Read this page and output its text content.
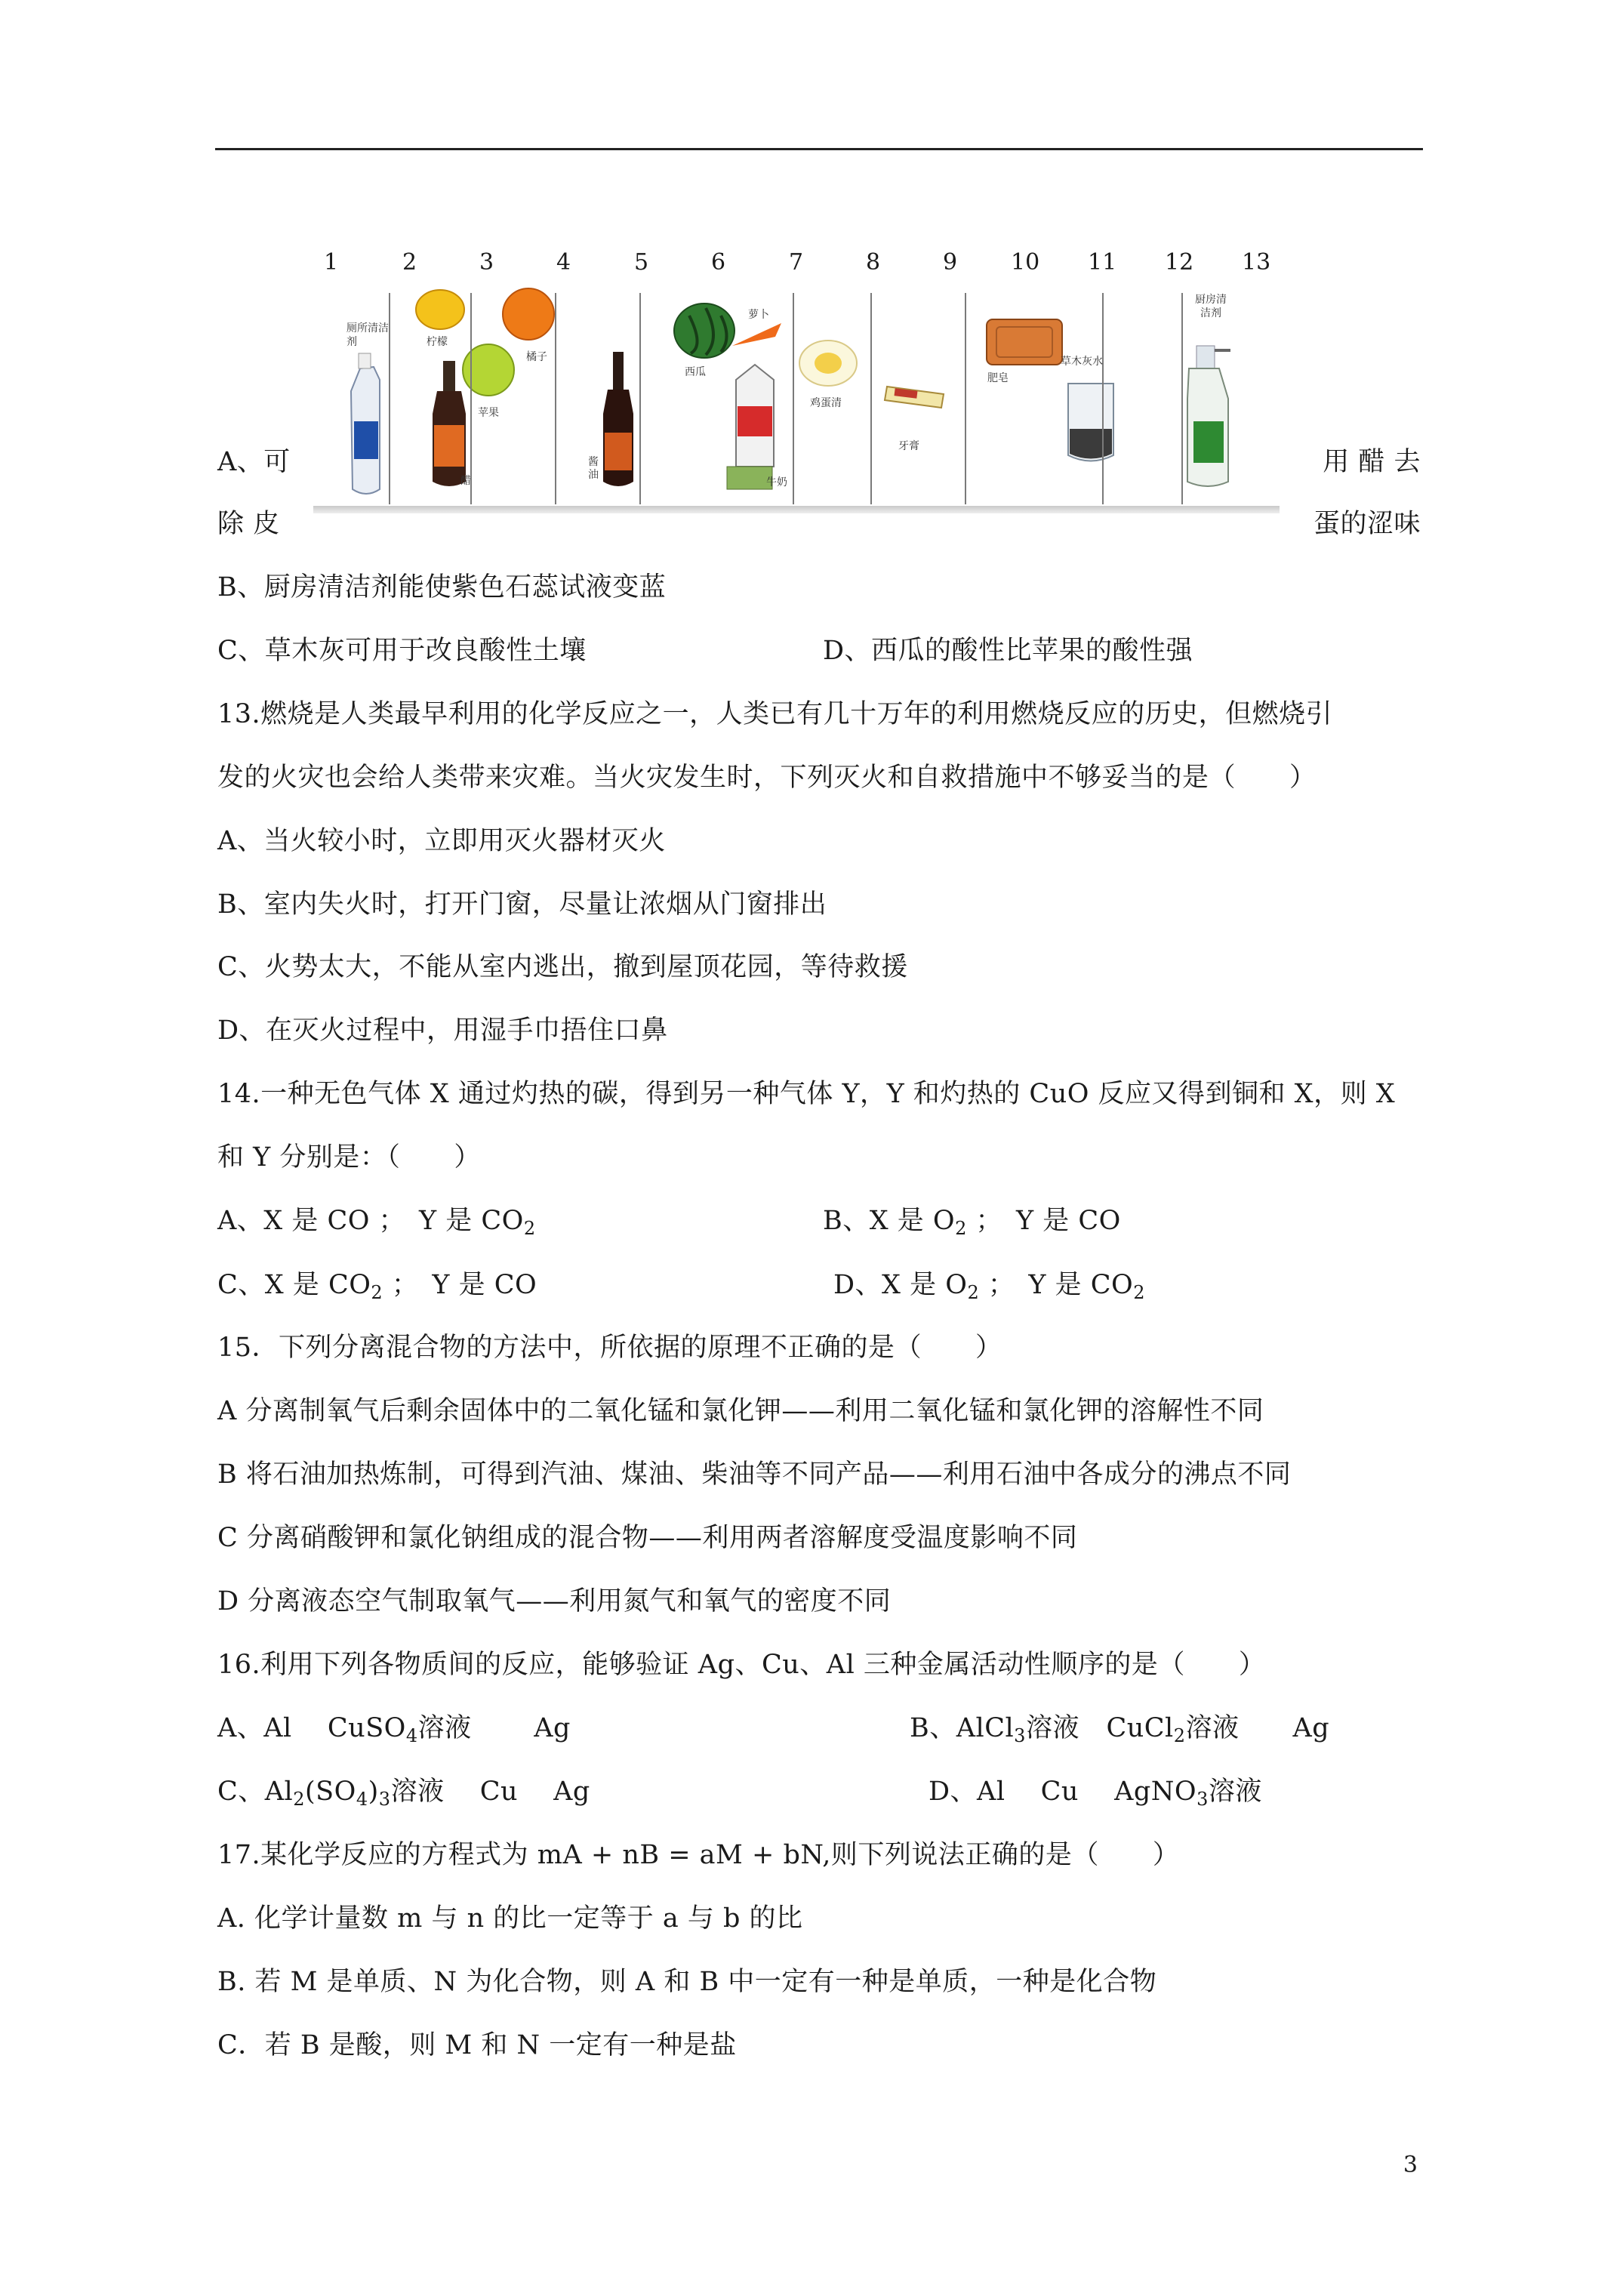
1	2	3	4	5	6	7	8	9 10 11 12 13
厕所清洁剂	柠檬
橘子
苹果
醋
酱油
西瓜
萝卜
牛奶
鸡蛋清
牙膏
肥皂
草木灰水
厨房清洁剂
A、可	用 醋 去
除 皮	蛋的涩味
B、厨房清洁剂能使紫色石蕊试液变蓝
C、草木灰可用于改良酸性土壤	D、西瓜的酸性比苹果的酸性强
13.燃烧是人类最早利用的化学反应之一，人类已有几十万年的利用燃烧反应的历史，但燃烧引
发的火灾也会给人类带来灾难。当火灾发生时，下列灭火和自救措施中不够妥当的是（　　）
A、当火较小时，立即用灭火器材灭火
B、室内失火时，打开门窗，尽量让浓烟从门窗排出
C、火势太大，不能从室内逃出，撤到屋顶花园，等待救援
D、在灭火过程中，用湿手巾捂住口鼻
14.一种无色气体 X 通过灼热的碳，得到另一种气体 Y，Y 和灼热的 CuO 反应又得到铜和 X，则 X
和 Y 分别是：（　　）
A、X 是 CO ；　Y 是 $CO_2$	B、X 是 $O_2$ ；　Y 是 CO
C、X 是 $CO_2$ ；　Y 是 CO	D、X 是 $O_2$ ；　Y 是 $CO_2$
15．下列分离混合物的方法中，所依据的原理不正确的是（　　）
A 分离制氧气后剩余固体中的二氧化锰和氯化钾——利用二氧化锰和氯化钾的溶解性不同
B 将石油加热炼制，可得到汽油、煤油、柴油等不同产品——利用石油中各成分的沸点不同
C 分离硝酸钾和氯化钠组成的混合物——利用两者溶解度受温度影响不同
D 分离液态空气制取氧气——利用氮气和氧气的密度不同
16.利用下列各物质间的反应，能够验证 Ag、Cu、Al 三种金属活动性顺序的是（　　）
A、Al　 CuSO$_4$溶液　　 Ag	B、AlCl$_3$溶液　CuCl$_2$溶液　　Ag
C、$Al_2(SO_4)_3$溶液　 Cu　 Ag	D、Al　 Cu　 AgNO$_3$溶液
17.某化学反应的方程式为 mA + nB = aM + bN,则下列说法正确的是（　　）
A. 化学计量数 m 与 n 的比一定等于 a 与 b 的比
B. 若 M 是单质、N 为化合物，则 A 和 B 中一定有一种是单质，一种是化合物
C．若 B 是酸，则 M 和 N 一定有一种是盐
3
